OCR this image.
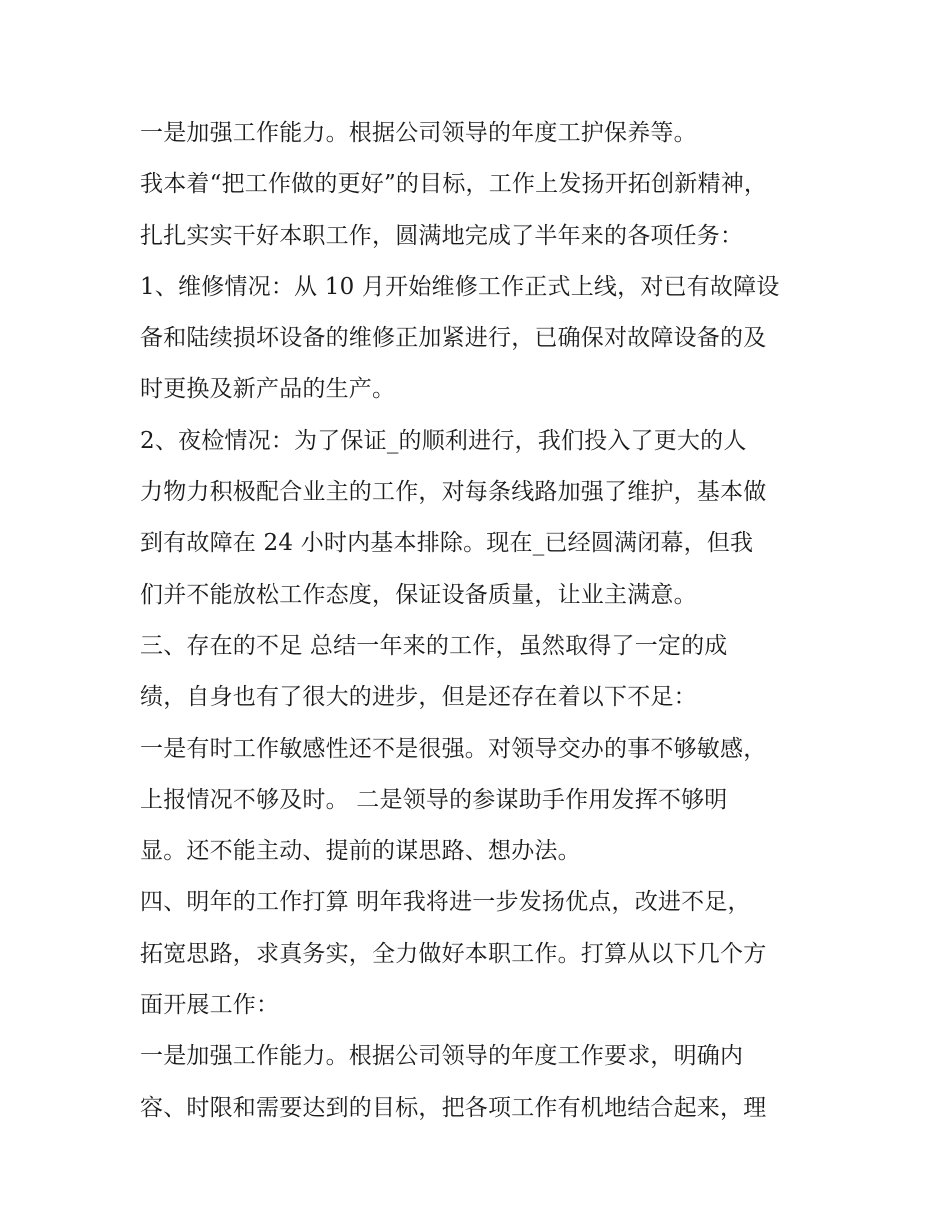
一是加强工作能力。根据公司领导的年度工护保养等。
我本着“把工作做的更好”的目标，工作上发扬开拓创新精神，
扎扎实实干好本职工作，圆满地完成了半年来的各项任务：
1、维修情况：从 10 月开始维修工作正式上线，对已有故障设
备和陆续损坏设备的维修正加紧进行，已确保对故障设备的及
时更换及新产品的生产。
2、夜检情况：为了保证_的顺利进行，我们投入了更大的人
力物力积极配合业主的工作，对每条线路加强了维护，基本做
到有故障在 24 小时内基本排除。现在_已经圆满闭幕，但我
们并不能放松工作态度，保证设备质量，让业主满意。
三、存在的不足 总结一年来的工作，虽然取得了一定的成
绩，自身也有了很大的进步，但是还存在着以下不足：
一是有时工作敏感性还不是很强。对领导交办的事不够敏感，
上报情况不够及时。 二是领导的参谋助手作用发挥不够明
显。还不能主动、提前的谋思路、想办法。
四、明年的工作打算 明年我将进一步发扬优点，改进不足，
拓宽思路，求真务实，全力做好本职工作。打算从以下几个方
面开展工作：
一是加强工作能力。根据公司领导的年度工作要求，明确内
容、时限和需要达到的目标，把各项工作有机地结合起来，理
